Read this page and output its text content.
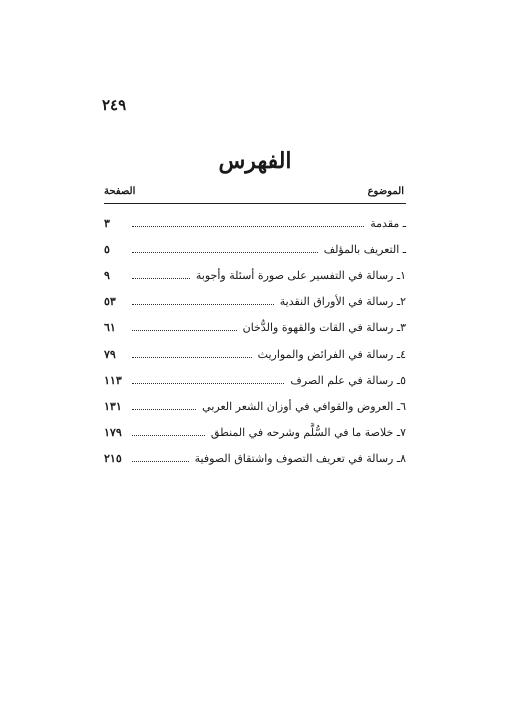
٢٤٩
الفهرس
الموضوع
الصفحة
ـ مقدمة
٣
ـ التعريف بالمؤلف
٥
١ـ رسالة في التفسير على صورة أسئلة وأجوبة
٩
٢ـ رسالة في الأوراق النقدية
٥٣
٣ـ رسالة في القات والقهوة والدُّخان
٦١
٤ـ رسالة في الفرائض والمواريث
٧٩
٥ـ رسالة في علم الصرف
١١٣
٦ـ العروض والقوافي في أوزان الشعر العربي
١٣١
٧ـ خلاصة ما في السُّلَّم وشرحه في المنطق
١٧٩
٨ـ رسالة في تعريف التصوف واشتقاق الصوفية
٢١٥
